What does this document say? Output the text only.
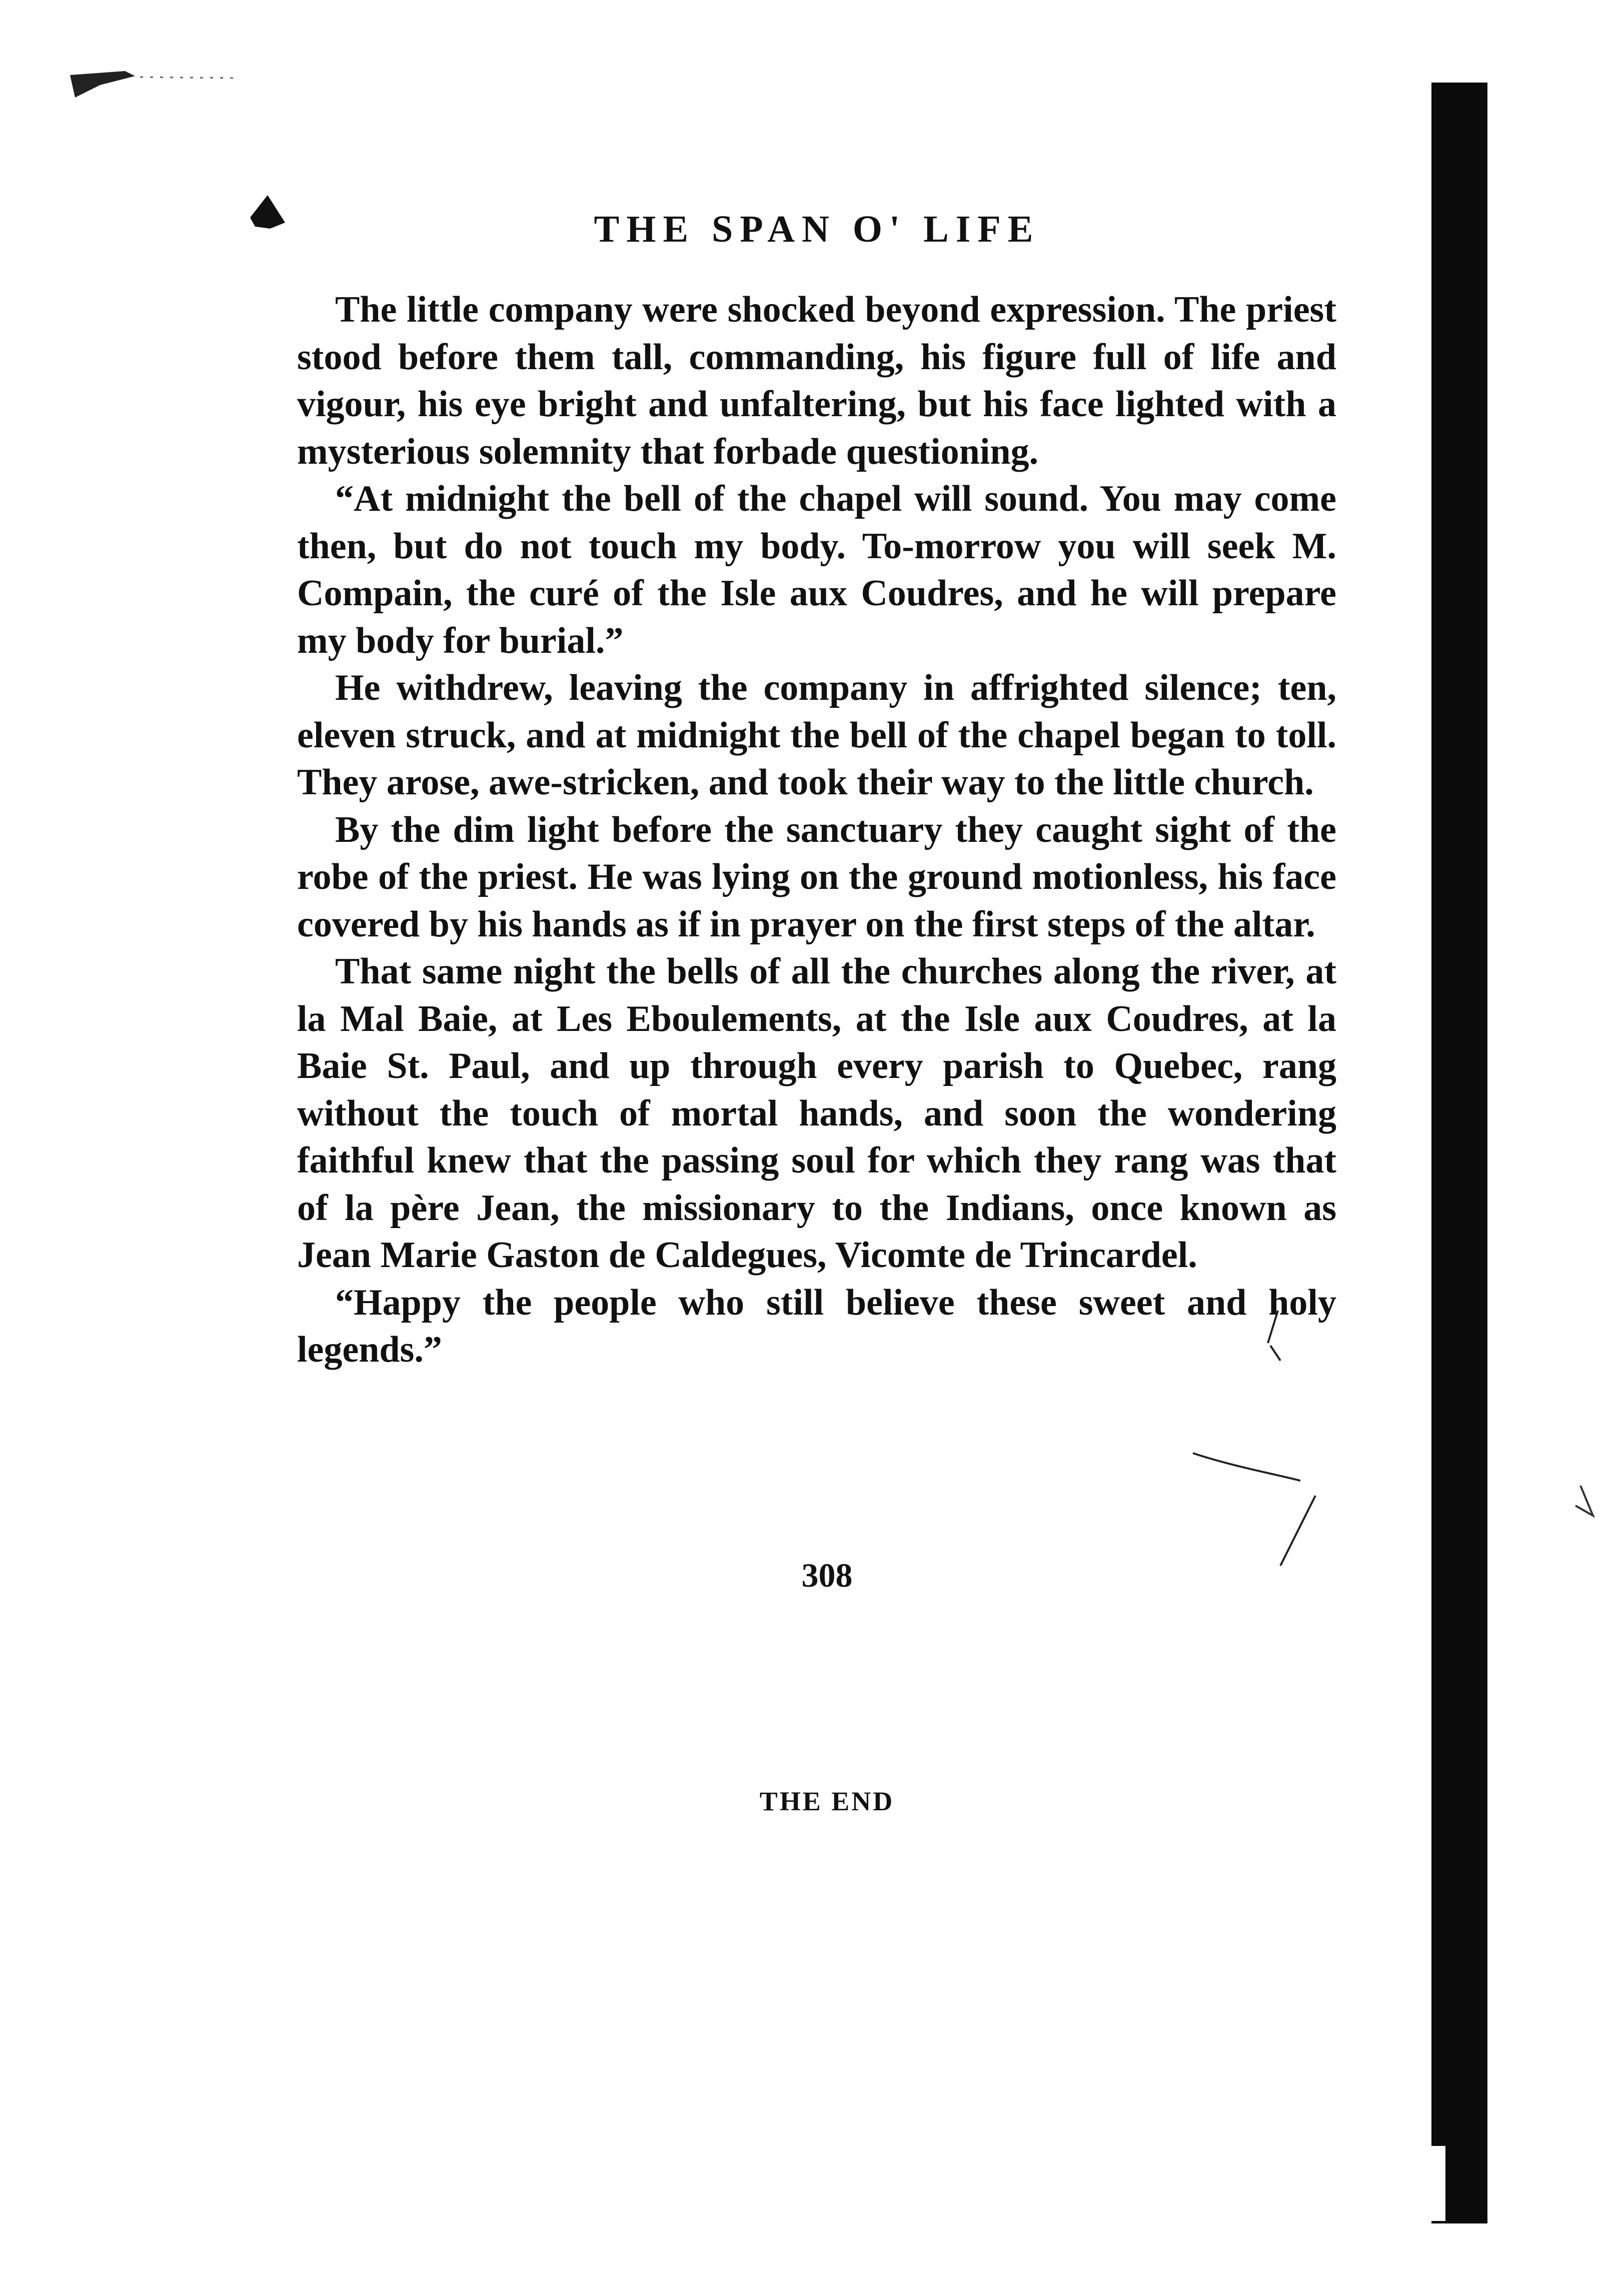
THE SPAN O' LIFE

The little company were shocked beyond expression. The priest stood before them tall, commanding, his figure full of life and vigour, his eye bright and unfaltering, but his face lighted with a mysterious solemnity that forbade questioning.

“At midnight the bell of the chapel will sound. You may come then, but do not touch my body. To-morrow you will seek M. Compain, the curé of the Isle aux Coudres, and he will prepare my body for burial.”

He withdrew, leaving the company in affrighted silence; ten, eleven struck, and at midnight the bell of the chapel began to toll. They arose, awe-stricken, and took their way to the little church.

By the dim light before the sanctuary they caught sight of the robe of the priest. He was lying on the ground motionless, his face covered by his hands as if in prayer on the first steps of the altar.

That same night the bells of all the churches along the river, at la Mal Baie, at Les Eboulements, at the Isle aux Coudres, at la Baie St. Paul, and up through every parish to Quebec, rang without the touch of mortal hands, and soon the wondering faithful knew that the passing soul for which they rang was that of la père Jean, the missionary to the Indians, once known as Jean Marie Gaston de Caldegues, Vicomte de Trincardel.

“Happy the people who still believe these sweet and holy legends.”

308
THE END
